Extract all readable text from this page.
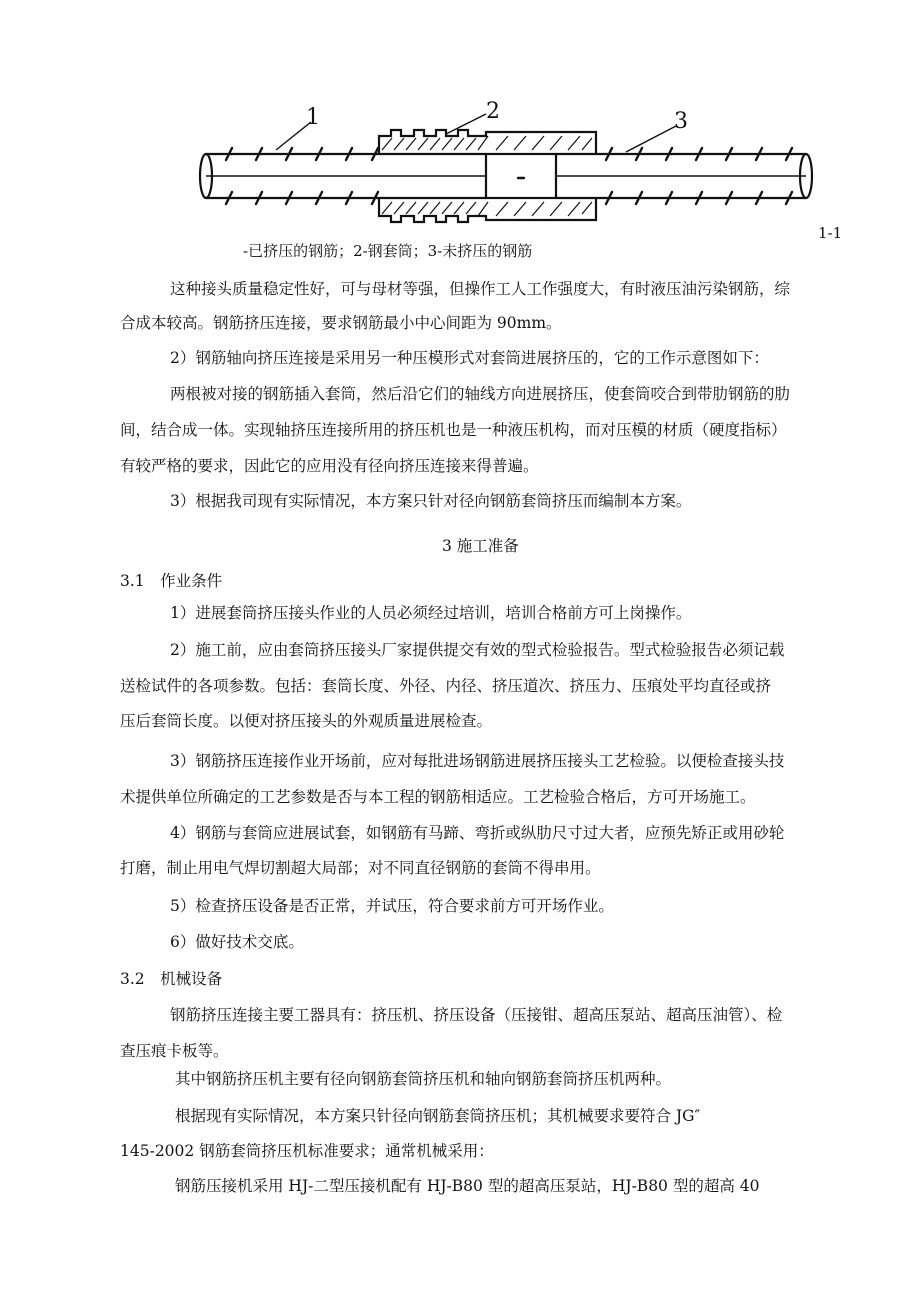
1	2	3
1-1
-已挤压的钢筋；2-钢套筒；3-未挤压的钢筋
这种接头质量稳定性好，可与母材等强，但操作工人工作强度大，有时液压油污染钢筋，综
合成本较高。钢筋挤压连接，要求钢筋最小中心间距为 90mm。
2）钢筋轴向挤压连接是采用另一种压模形式对套筒进展挤压的，它的工作示意图如下：
两根被对接的钢筋插入套筒，然后沿它们的轴线方向进展挤压，使套筒咬合到带肋钢筋的肋
间，结合成一体。实现轴挤压连接所用的挤压机也是一种液压机构，而对压模的材质（硬度指标）
有较严格的要求，因此它的应用没有径向挤压连接来得普遍。
3）根据我司现有实际情况，本方案只针对径向钢筋套筒挤压而编制本方案。
3 施工准备
3.1　作业条件
1）进展套筒挤压接头作业的人员必须经过培训，培训合格前方可上岗操作。
2）施工前，应由套筒挤压接头厂家提供提交有效的型式检验报告。型式检验报告必须记载
送检试件的各项参数。包括：套筒长度、外径、内径、挤压道次、挤压力、压痕处平均直径或挤
压后套筒长度。以便对挤压接头的外观质量进展检查。
3）钢筋挤压连接作业开场前，应对每批进场钢筋进展挤压接头工艺检验。以便检查接头技
术提供单位所确定的工艺参数是否与本工程的钢筋相适应。工艺检验合格后，方可开场施工。
4）钢筋与套筒应进展试套，如钢筋有马蹄、弯折或纵肋尺寸过大者，应预先矫正或用砂轮
打磨，制止用电气焊切割超大局部；对不同直径钢筋的套筒不得串用。
5）检查挤压设备是否正常，并试压，符合要求前方可开场作业。
6）做好技术交底。
3.2　机械设备
钢筋挤压连接主要工器具有：挤压机、挤压设备（压接钳、超高压泵站、超高压油管）、检
查压痕卡板等。
其中钢筋挤压机主要有径向钢筋套筒挤压机和轴向钢筋套筒挤压机两种。
根据现有实际情况，本方案只针径向钢筋套筒挤压机；其机械要求要符合 JG″
145-2002 钢筋套筒挤压机标准要求；通常机械采用：
钢筋压接机采用 HJ-二型压接机配有 HJ-B80 型的超高压泵站，HJ-B80 型的超高 40
